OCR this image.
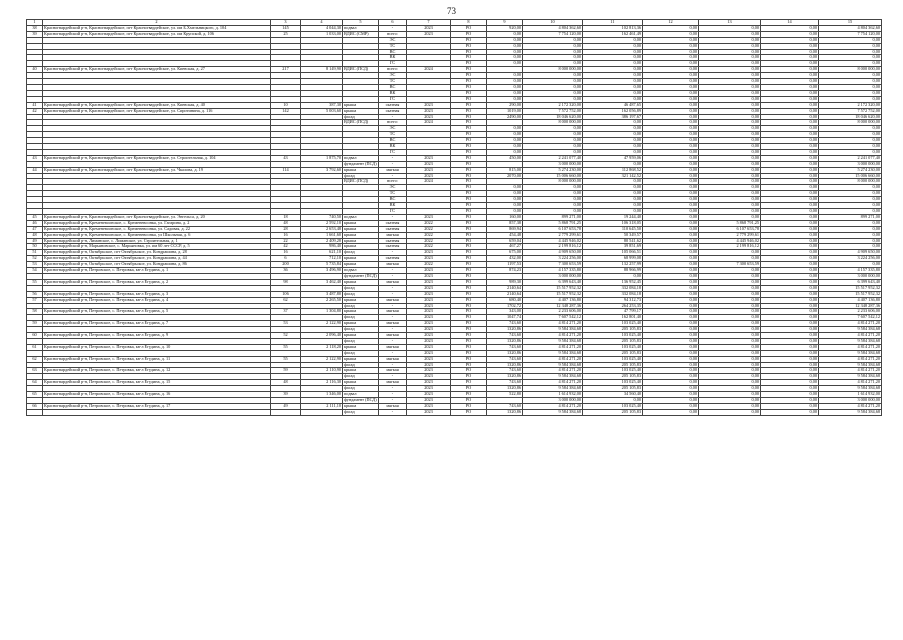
73
1	2	3	4	5	6	7	8	9	10	11	12	13	14	15
38	Красногвардейский р-н, Красногвардейское, пгт Красногвардейское, ул. им Б.Хмельницкого, д. 104	145	4 044,30	подвал	-	2023	РО	920,00	4 804 362,60	102 813,36	0,00	0,00	0,00	4 804 362,60
39	Красногвардейский р-н, Красногвардейское, пгт Красногвардейское, ул. им Крупской, д. 106	25	1 033,00	ВДИС (СМР)	всего:	2023	РО	0,00	7 754 120,00	162 461,49	0,00	0,00	0,00	7 754 120,00
					ЭС		РО	0,00	0,00	0,00	0,00	0,00	0,00	0,00
					ТС		РО	0,00	0,00	0,00	0,00	0,00	0,00	0,00
					ВС		РО	0,00	0,00	0,00	0,00	0,00	0,00	0,00
					ВК		РО	0,00	0,00	0,00	0,00	0,00	0,00	0,00
					ГС		РО	0,00	0,00	0,00	0,00	0,00	0,00	0,00
40	Красногвардейский р-н, Красногвардейское, пгт Красногвардейское, ул. Киевская, д. 27	217	8 149,90	ВДИС (ПСД)	всего:	2024	РО		8 000 000,00	0,00	0,00	0,00	0,00	8 000 000,00
					ЭС		РО	0,00	0,00	0,00	0,00	0,00	0,00	0,00
					ТС		РО	0,00	0,00	0,00	0,00	0,00	0,00	0,00
					ВС		РО	0,00	0,00	0,00	0,00	0,00	0,00	0,00
					ВК		РО	0,00	0,00	0,00	0,00	0,00	0,00	0,00
					ГС		РО	0,00	0,00	0,00	0,00	0,00	0,00	0,00
41	Красногвардейский р-н, Красногвардейское, пгт Красногвардейское, ул. Киевская, д. 40	10	387,30	крыша	скатная	2023	РО	290,00	2 172 320,00	46 487,65	0,00	0,00	0,00	2 172 320,00
42	Красногвардейский р-н, Красногвардейское, пгт Красногвардейское, ул. Сиротинина, д. 116	142	5 003,60	крыша	скатная	2023	РО	1019,00	7 572 752,00	162 056,89	0,00	0,00	0,00	7 572 752,00
				фасад	-	2023	РО	2490,00	18 046 620,00	386 197,67	0,00	0,00	0,00	18 046 620,00
				ВДИС (ПСД)	всего:	2024	РО		8 000 000,00	0,00	0,00	0,00	0,00	8 000 000,00
					ЭС		РО	0,00	0,00	0,00	0,00	0,00	0,00	0,00
					ТС		РО	0,00	0,00	0,00	0,00	0,00	0,00	0,00
					ВС		РО	0,00	0,00	0,00	0,00	0,00	0,00	0,00
					ВК		РО	0,00	0,00	0,00	0,00	0,00	0,00	0,00
					ГС		РО	0,00	0,00	0,00	0,00	0,00	0,00	0,00
43	Красногвардейский р-н, Красногвардейское, пгт Красногвардейское, ул. Строительная, д. 104	43	1 875,70	подвал	-	2023	РО	450,00	2 241 077,40	47 959,06	0,00	0,00	0,00	2 241 077,40
				фундамент (ПСД)	-	2023	РО		3 000 000,00	0,00	0,00	0,00	0,00	3 000 000,00
44	Красногвардейский р-н, Красногвардейское, пгт Красногвардейское, ул. Чкалова, д. 19	114	3 792,60	крыша	мягкая	2023	РО	815,00	5 274 230,00	112 868,52	0,00	0,00	0,00	5 274 230,00
				фасад	-	2023	РО	2070,00	15 006 660,00	321 142,52	0,00	0,00	0,00	15 006 660,00
				ВДИС (ПСД)	всего:	2024	РО		8 000 000,00	0,00	0,00	0,00	0,00	8 000 000,00
					ЭС		РО	0,00	0,00	0,00	0,00	0,00	0,00	0,00
					ТС		РО	0,00	0,00	0,00	0,00	0,00	0,00	0,00
					ВС		РО	0,00	0,00	0,00	0,00	0,00	0,00	0,00
					ВК		РО	0,00	0,00	0,00	0,00	0,00	0,00	0,00
					ГС		РО	0,00	0,00	0,00	0,00	0,00	0,00	0,00
45	Красногвардейский р-н, Красногвардейское, пгт Красногвардейское, ул. Энгельса, д. 20	18	740,50	подвал	-	2023	РО	160,00	899 271,00	19 244,40	0,00	0,00	0,00	899 271,00
46	Красногвардейский р-н, Кременевоонское, с. Кременевоонка, ул. Гагарина, д. 2	48	2 592,10	крыша	скатная	2022	РО	857,38	5 868 791,25	106 318,05	0,00	5 868 791,25	0,00	0,00
47	Красногвардейский р-н, Кременевоонское, с. Кременевоонка, ул. Садовая, д. 22	28	2 653,48	крыша	скатная	2022	РО	869,94	6 107 653,78	110 645,50	0,00	6 107 653,78	0,00	0,00
48	Красногвардейский р-н, Кременевоонское, с. Кременевоонка, ул Школьная, д. 6	16	1 661,60	крыша	мягкая	2022	РО	454,48	2 779 299,61	50 349,57	0,00	2 779 299,61	0,00	0,00
49	Красногвардейский р-н, Лиманское, с. Лиманское, ул. Строительная, д. 1	22	2 409,28	крыша	скатная	2022	РО	659,04	4 445 946,02	80 541,62	0,00	4 445 946,02	0,00	0,00
50	Красногвардейский р-н, Марьяновское, с. Марьяновка, ул. им 60 лет СССР, д. 5	42	986,40	крыша	скатная	2022	РО	467,27	2 199 816,12	39 851,69	0,00	2 199 816,12	0,00	0,00
51	Красногвардейский р-н, Октябрьское, пгт Октябрьское, ул. Кондрашина, д. 28	16	621,10	фасад	-	2023	РО	675,00	4 909 650,00	105 066,51	0,00	0,00	0,00	4 909 650,00
52	Красногвардейский р-н, Октябрьское, пгт Октябрьское, ул. Кондрашина, д. 44	6	712,10	крыша	скатная	2023	РО	432,00	3 224 256,00	68 999,08	0,00	0,00	0,00	3 224 256,00
53	Красногвардейский р-н, Октябрьское, пгт Октябрьское, ул. Кондрашина, д. 86	200	5 735,84	крыша	мягкая	2022	РО	1197,53	7 300 653,59	132 257,99	0,00	7 300 653,59	0,00	0,00
54	Красногвардейский р-н, Петровское, с. Петровка, кв-л Егудина, д. 1	36	3 496,90	подвал	-	2023	РО	874,23	4 157 335,80	88 966,99	0,00	0,00	0,00	4 157 335,80
				фундамент (ПСД)	-	2023	РО		3 000 000,00	0,00	0,00	0,00	0,00	3 000 000,00
55	Красногвардейский р-н, Петровское, с. Петровка, кв-л Егудина, д. 2	98	3 462,40	крыша	мягкая	2023	РО	989,30	6 399 643,40	136 952,45	0,00	0,00	0,00	6 399 643,40
				фасад	-	2023	РО	2140,64	15 517 952,32	332 084,18	0,00	0,00	0,00	15 517 952,32
56	Красногвардейский р-н, Петровское, с. Петровка, кв-л Егудина, д. 3	106	3 487,80	фасад	-	2023	РО	2140,64	15 517 952,32	332 084,18	0,00	0,00	0,00	15 517 952,32
57	Красногвардейский р-н, Петровское, с. Петровка, кв-л Егудина, д. 4	62	2 265,50	крыша	мягкая	2023	РО	680,40	4 407 136,80	94 312,73	0,00	0,00	0,00	4 407 136,80
				фасад	-	2023	РО	1702,72	12 348 287,36	264 253,35	0,00	0,00	0,00	12 348 287,36
58	Красногвардейский р-н, Петровское, с. Петровка, кв-л Егудина, д. 5	37	1 304,80	крыша	мягкая	2023	РО	343,00	2 233 606,00	47 799,17	0,00	0,00	0,00	2 233 606,00
				фасад	-	2023	РО	1047,74	7 607 542,12	162 801,40	0,00	0,00	0,00	7 607 542,12
59	Красногвардейский р-н, Петровское, с. Петровка, кв-л Егудина, д. 7	53	2 122,90	крыша	мягкая	2023	РО	743,60	4 814 271,20	103 025,40	0,00	0,00	0,00	4 814 271,20
				фасад	-	2023	РО	1320,86	9 584 384,68	205 105,83	0,00	0,00	0,00	9 584 384,68
60	Красногвардейский р-н, Петровское, с. Петровка, кв-л Егудина, д. 9	52	2 096,40	крыша	мягкая	2023	РО	743,60	4 814 271,20	103 025,40	0,00	0,00	0,00	4 814 271,20
				фасад	-	2023	РО	1320,86	9 584 384,68	205 105,83	0,00	0,00	0,00	9 584 384,68
61	Красногвардейский р-н, Петровское, с. Петровка, кв-л Егудина, д. 10	55	2 118,20	крыша	мягкая	2023	РО	743,60	4 814 271,20	103 025,40	0,00	0,00	0,00	4 814 271,20
				фасад	-	2023	РО	1320,86	9 584 384,68	205 105,83	0,00	0,00	0,00	9 584 384,68
62	Красногвардейский р-н, Петровское, с. Петровка, кв-л Егудина, д. 11	55	2 122,90	крыша	мягкая	2023	РО	743,60	4 814 271,20	103 025,40	0,00	0,00	0,00	4 814 271,20
				фасад	-	2023	РО	1320,86	9 584 384,68	205 105,83	0,00	0,00	0,00	9 584 384,68
63	Красногвардейский р-н, Петровское, с. Петровка, кв-л Егудина, д. 12	59	2 110,90	крыша	мягкая	2023	РО	743,60	4 814 271,20	103 025,40	0,00	0,00	0,00	4 814 271,20
				фасад	-	2023	РО	1320,86	9 584 384,68	205 105,83	0,00	0,00	0,00	9 584 384,68
64	Красногвардейский р-н, Петровское, с. Петровка, кв-л Егудина, д. 15	48	2 116,30	крыша	мягкая	2023	РО	743,60	4 814 271,20	103 025,40	0,00	0,00	0,00	4 814 271,20
				фасад	-	2023	РО	1320,86	9 584 384,68	205 105,83	0,00	0,00	0,00	9 584 384,68
65	Красногвардейский р-н, Петровское, с. Петровка, кв-л Егудина, д. 16	39	1 346,00	подвал	-	2023	РО	522,80	1 614 932,00	34 560,40	0,00	0,00	0,00	1 614 932,00
				фундамент (ПСД)	-	2023	РО		3 000 000,00	0,00	0,00	0,00	0,00	3 000 000,00
66	Красногвардейский р-н, Петровское, с. Петровка, кв-л Егудина, д. 17	49	2 111,10	крыша	мягкая	2023	РО	743,60	4 814 271,20	103 025,40	0,00	0,00	0,00	4 814 271,20
				фасад	-	2023	РО	1320,86	9 584 384,68	205 105,83	0,00	0,00	0,00	9 584 384,68
